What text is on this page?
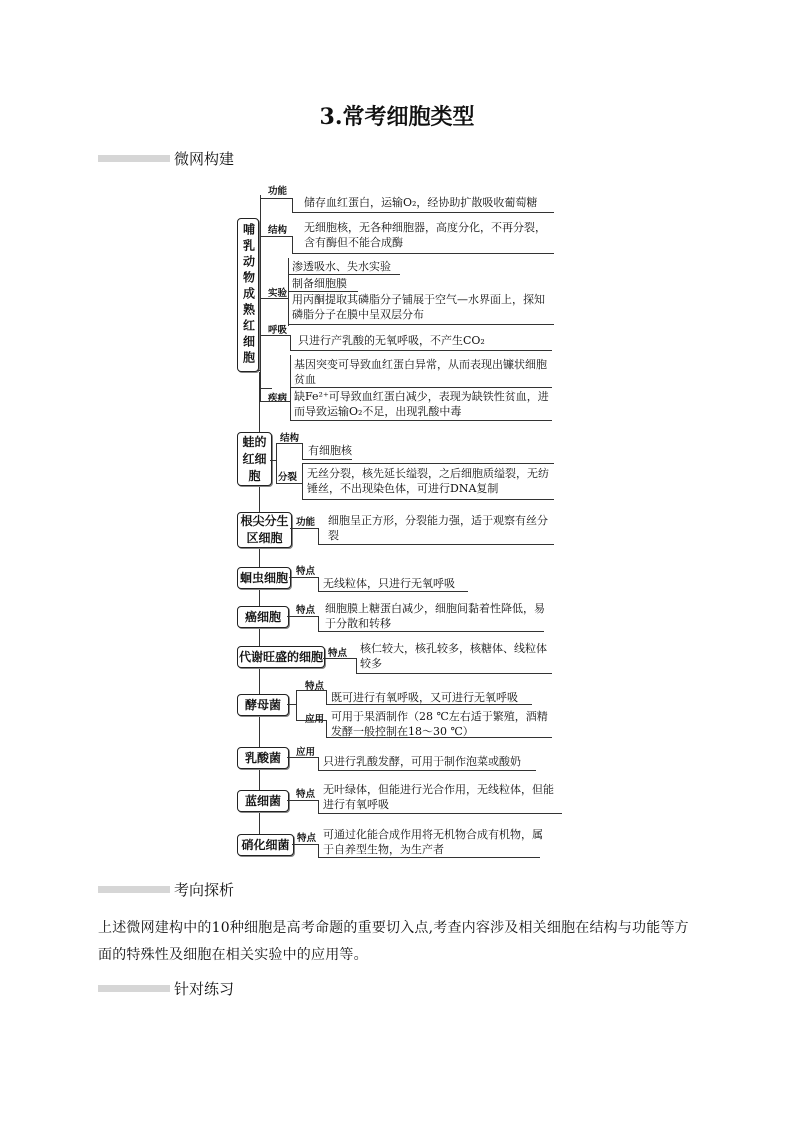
3.常考细胞类型
微网构建
哺乳动物成熟红细胞
功能
储存血红蛋白，运输O₂，经协助扩散吸收葡萄糖
结构 无细胞核，无各种细胞器，高度分化，不再分裂，含有酶但不能合成酶
实验
渗透吸水、失水实验
制备细胞膜
用丙酮提取其磷脂分子铺展于空气—水界面上，探知磷脂分子在膜中呈双层分布
呼吸
只进行产乳酸的无氧呼吸，不产生CO₂
疾病
基因突变可导致血红蛋白异常，从而表现出镰状细胞贫血
缺Fe²⁺可导致血红蛋白减少，表现为缺铁性贫血，进而导致运输O₂不足，出现乳酸中毒
蛙的红细胞
结构
有细胞核
分裂 无丝分裂，核先延长缢裂，之后细胞质缢裂，无纺锤丝，不出现染色体，可进行DNA复制
根尖分生区细胞
功能 细胞呈正方形，分裂能力强，适于观察有丝分裂
蛔虫细胞 特点
无线粒体，只进行无氧呼吸
癌细胞 特点 细胞膜上糖蛋白减少，细胞间黏着性降低，易于分散和转移
代谢旺盛的细胞 特点 核仁较大，核孔较多，核糖体、线粒体较多
酵母菌
特点
既可进行有氧呼吸，又可进行无氧呼吸
应用 可用于果酒制作（28 ℃左右适于繁殖，酒精发酵一般控制在18～30 ℃）
乳酸菌 应用
只进行乳酸发酵，可用于制作泡菜或酸奶
蓝细菌 特点 无叶绿体，但能进行光合作用，无线粒体，但能进行有氧呼吸
硝化细菌 特点 可通过化能合成作用将无机物合成有机物，属于自养型生物，为生产者
考向探析
上述微网建构中的10种细胞是高考命题的重要切入点,考查内容涉及相关细胞在结构与功能等方面的特殊性及细胞在相关实验中的应用等。
针对练习
